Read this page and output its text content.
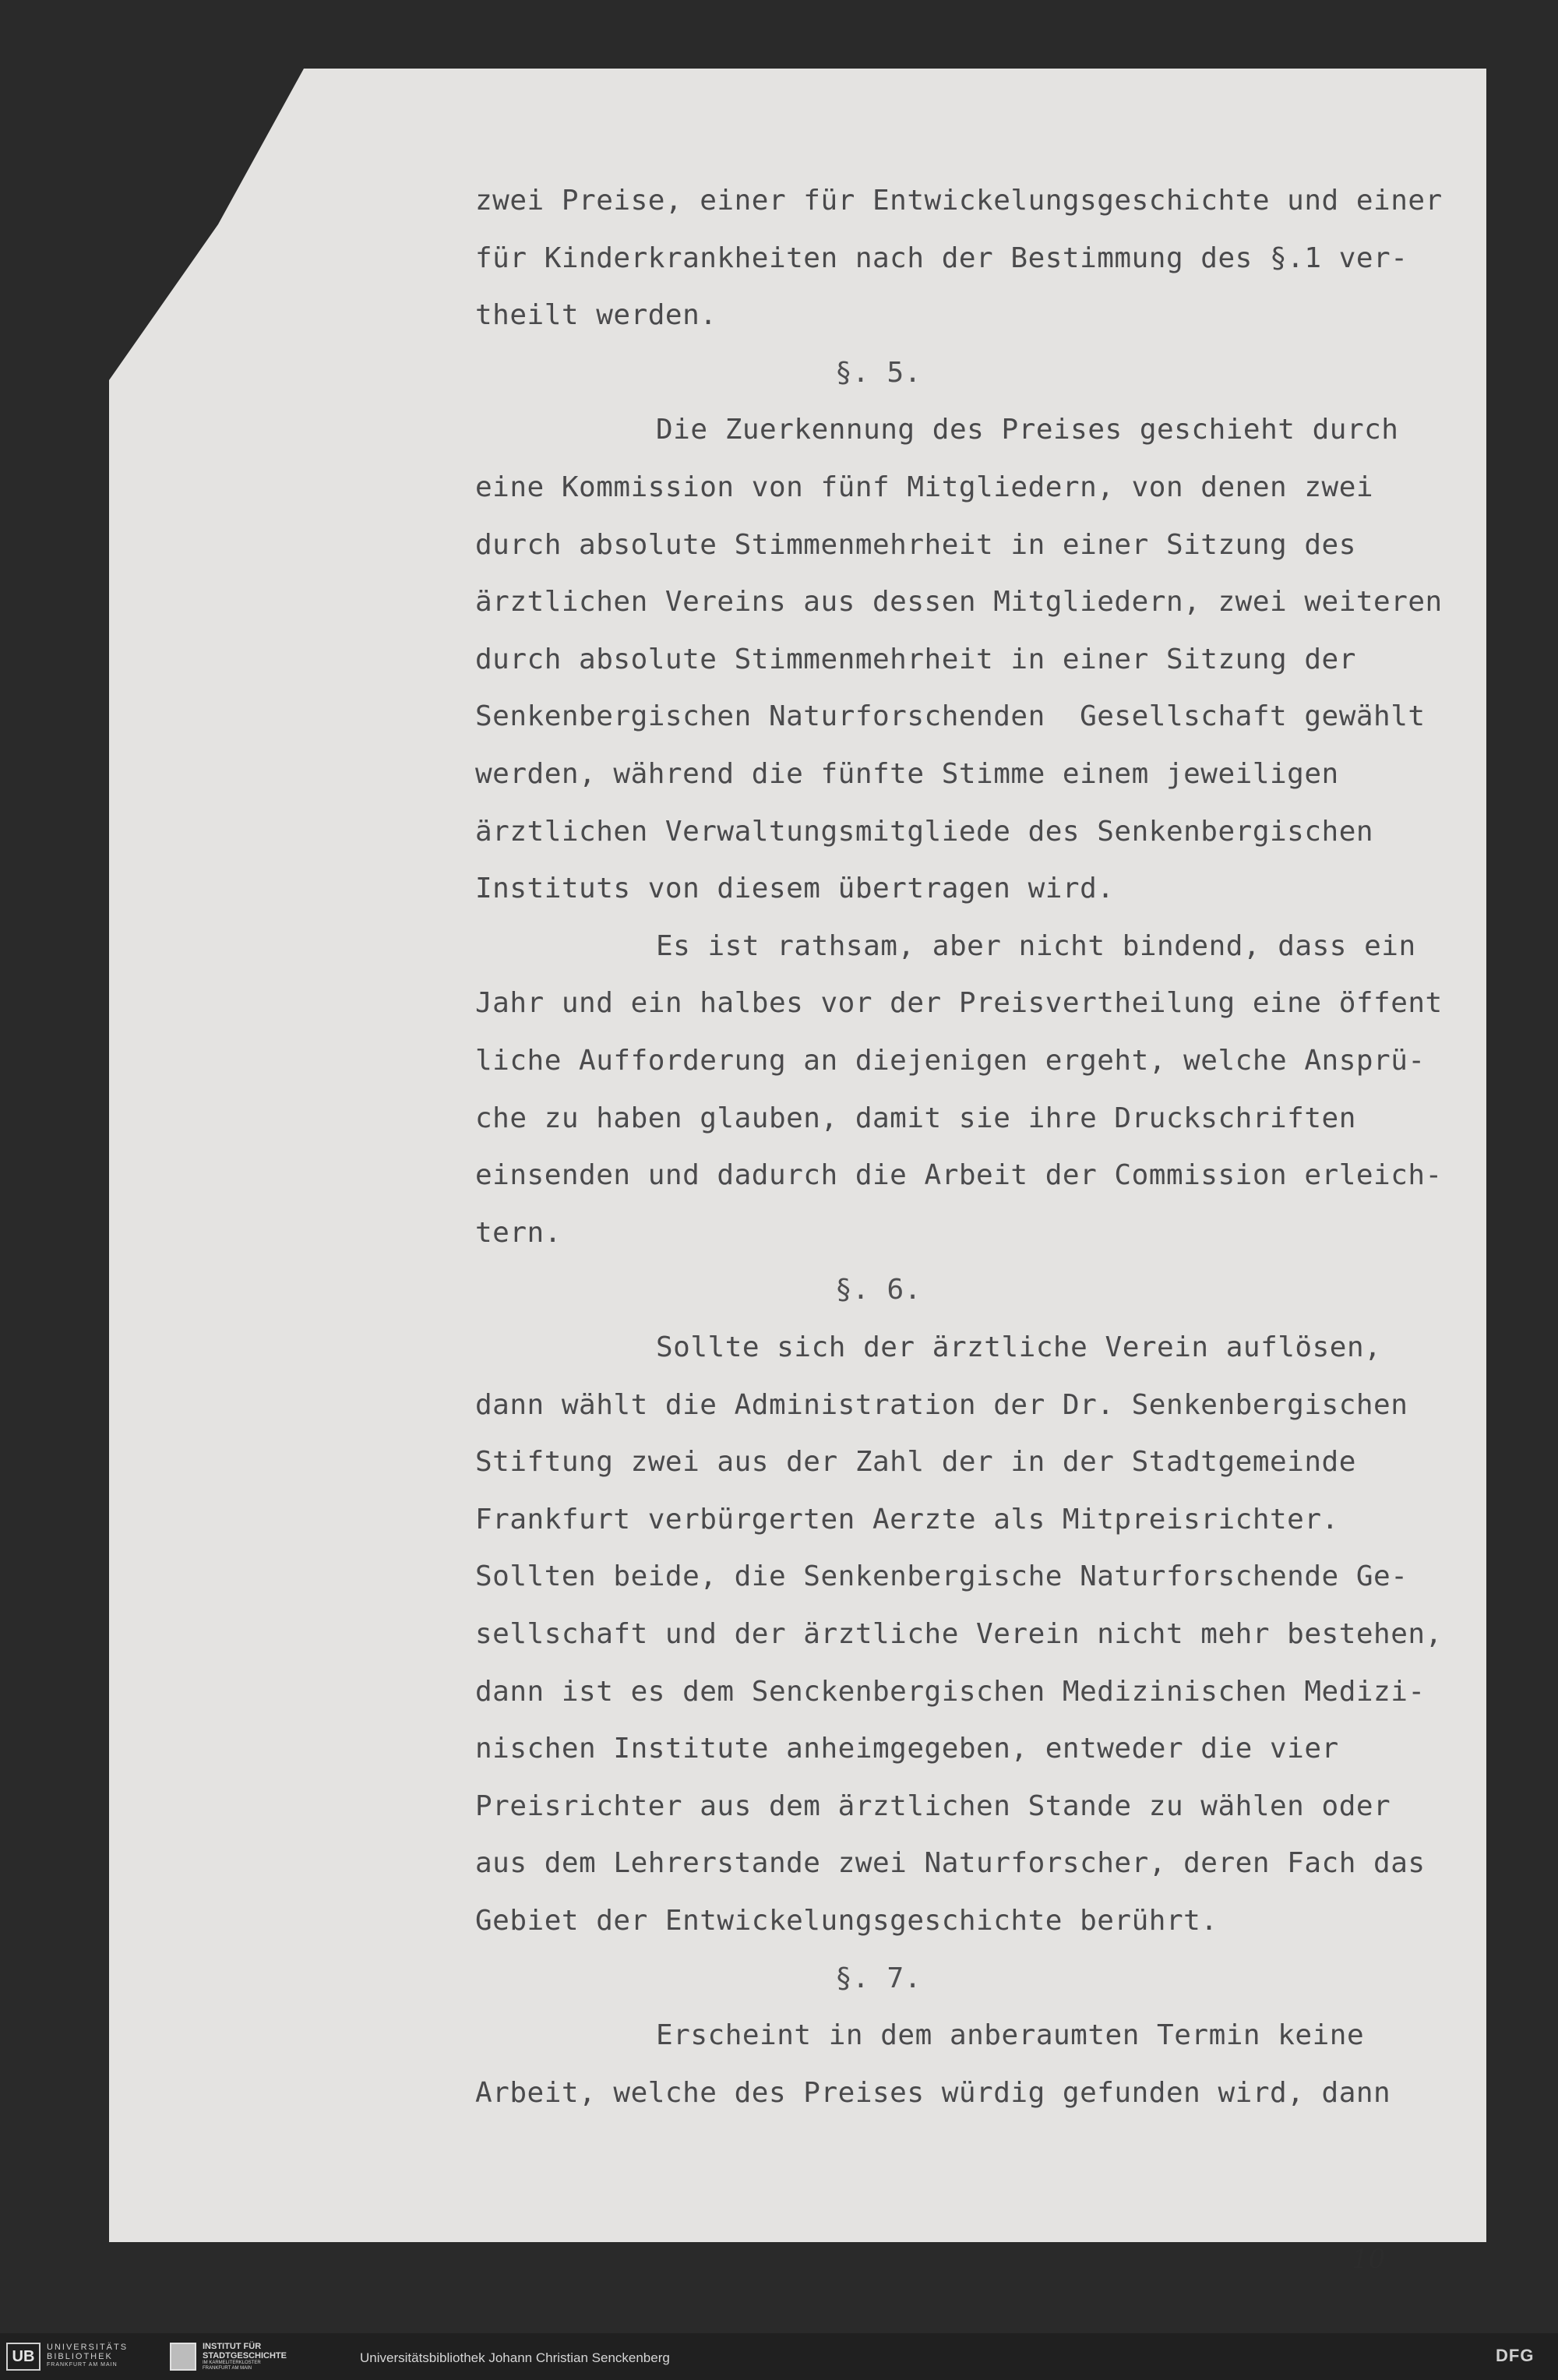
zwei Preise, einer für Entwickelungsgeschichte und einer

für Kinderkrankheiten nach der Bestimmung des §.1 ver-

theilt werden.

§. 5.

Die Zuerkennung des Preises geschieht durch

eine Kommission von fünf Mitgliedern, von denen zwei

durch absolute Stimmenmehrheit in einer Sitzung des

ärztlichen Vereins aus dessen Mitgliedern, zwei weiteren

durch absolute Stimmenmehrheit in einer Sitzung der

Senkenbergischen Naturforschenden  Gesellschaft gewählt

werden, während die fünfte Stimme einem jeweiligen

ärztlichen Verwaltungsmitgliede des Senkenbergischen

Instituts von diesem übertragen wird.

Es ist rathsam, aber nicht bindend, dass ein

Jahr und ein halbes vor der Preisvertheilung eine öffent

liche Aufforderung an diejenigen ergeht, welche Ansprü-

che zu haben glauben, damit sie ihre Druckschriften

einsenden und dadurch die Arbeit der Commission erleich-

tern.

§. 6.

Sollte sich der ärztliche Verein auflösen,

dann wählt die Administration der Dr. Senkenbergischen

Stiftung zwei aus der Zahl der in der Stadtgemeinde

Frankfurt verbürgerten Aerzte als Mitpreisrichter.

Sollten beide, die Senkenbergische Naturforschende Ge-

sellschaft und der ärztliche Verein nicht mehr bestehen,

dann ist es dem Senckenbergischen Medizinischen Medizi-

nischen Institute anheimgegeben, entweder die vier

Preisrichter aus dem ärztlichen Stande zu wählen oder

aus dem Lehrerstande zwei Naturforscher, deren Fach das

Gebiet der Entwickelungsgeschichte berührt.

§. 7.

Erscheint in dem anberaumten Termin keine

Arbeit, welche des Preises würdig gefunden wird, dann

10

UB
UNIVERSITÄTS
BIBLIOTHEK
FRANKFURT AM MAIN
INSTITUT FÜR
STADTGESCHICHTE
IM KARMELITERKLOSTER
FRANKFURT AM MAIN
Universitätsbibliothek Johann Christian Senckenberg	DFG
